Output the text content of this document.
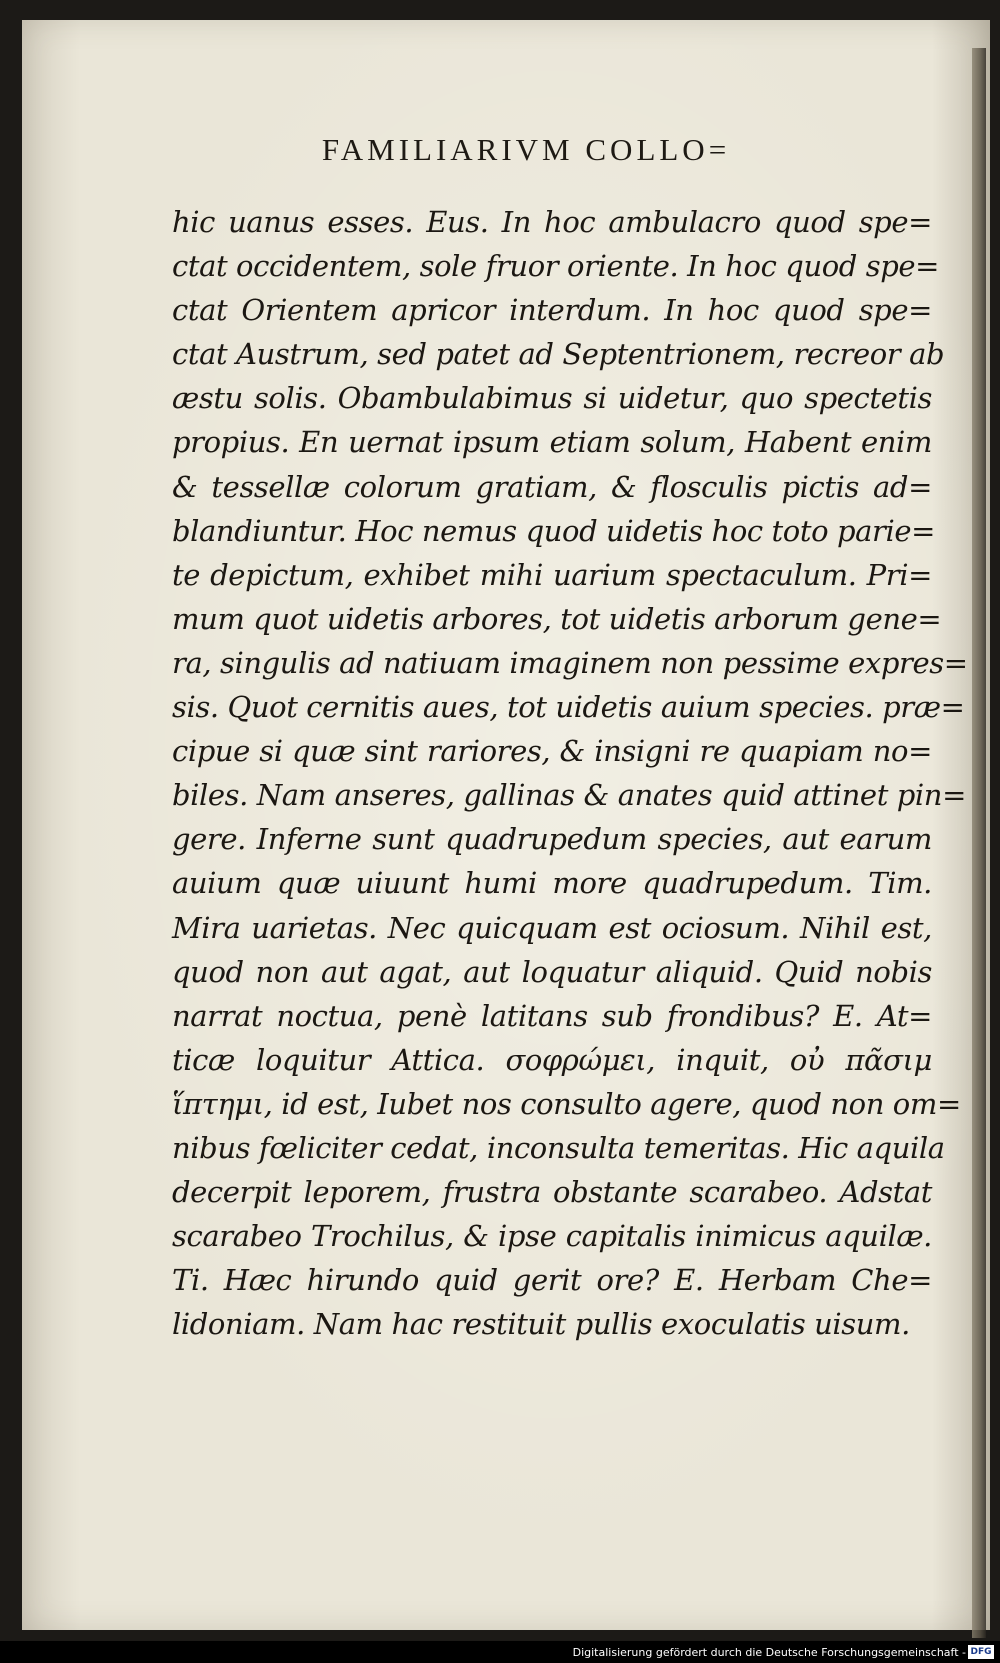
FAMILIARIVM COLLO=
hic uanus esses. Eus. In hoc ambulacro quod spe=
ctat occidentem, sole fruor oriente. In hoc quod spe=
ctat Orientem apricor interdum. In hoc quod spe=
ctat Austrum, sed patet ad Septentrionem, recreor ab
æstu solis. Obambulabimus si uidetur, quo spectetis
propius. En uernat ipsum etiam solum, Habent enim
& tessellæ colorum gratiam, & flosculis pictis ad=
blandiuntur. Hoc nemus quod uidetis hoc toto parie=
te depictum, exhibet mihi uarium spectaculum. Pri=
mum quot uidetis arbores, tot uidetis arborum gene=
ra, singulis ad natiuam imaginem non pessime expres=
sis. Quot cernitis aues, tot uidetis auium species. præ=
cipue si quæ sint rariores, & insigni re quapiam no=
biles. Nam anseres, gallinas & anates quid attinet pin=
gere. Inferne sunt quadrupedum species, aut earum
auium quæ uiuunt humi more quadrupedum. Tim.
Mira uarietas. Nec quicquam est ociosum. Nihil est,
quod non aut agat, aut loquatur aliquid. Quid nobis
narrat noctua, penè latitans sub frondibus? E. At=
ticæ loquitur Attica. σοφρώμει, inquit, οὐ πᾶσιμ
ἵπτημι, id est, Iubet nos consulto agere, quod non om=
nibus fœliciter cedat, inconsulta temeritas. Hic aquila
decerpit leporem, frustra obstante scarabeo. Adstat
scarabeo Trochilus, & ipse capitalis inimicus aquilæ.
Ti. Hæc hirundo quid gerit ore? E. Herbam Che=
lidoniam. Nam hac restituit pullis exoculatis uisum.
Digitalisierung gefördert durch die Deutsche Forschungsgemeinschaft - DFG
